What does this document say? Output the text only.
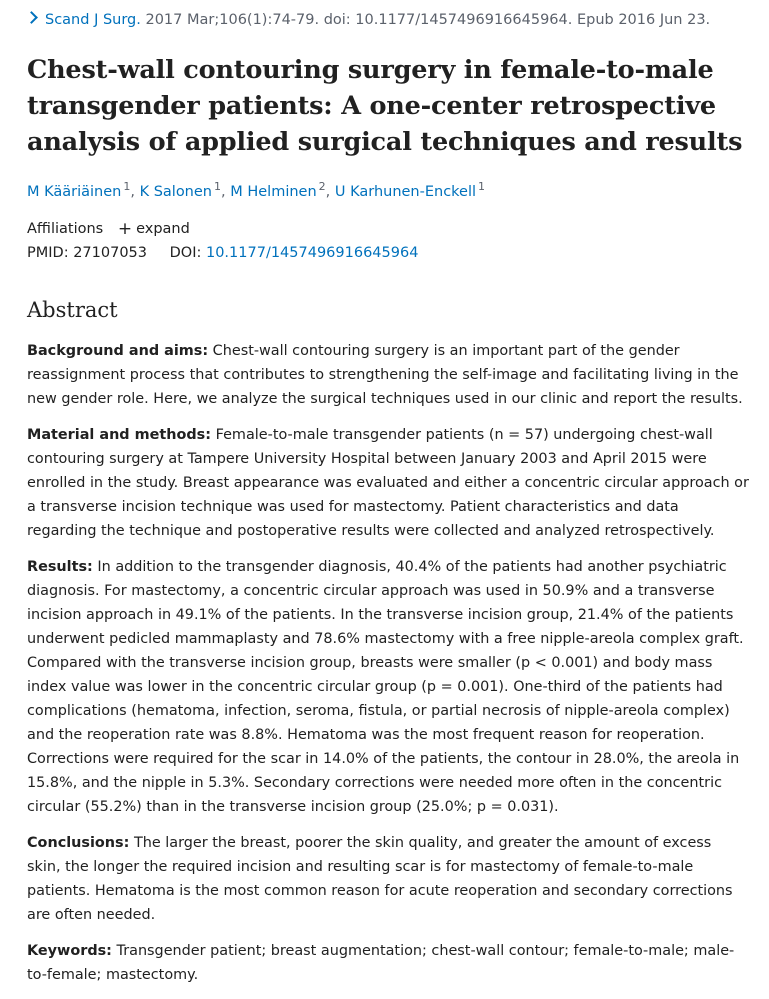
Scand J Surg. 2017 Mar;106(1):74-79. doi: 10.1177/1457496916645964. Epub 2016 Jun 23.
Chest-wall contouring surgery in female-to-male transgender patients: A one-center retrospective analysis of applied surgical techniques and results
M Kääriäinen $^1$, K Salonen $^1$, M Helminen $^2$, U Karhunen-Enckell $^1$
Affiliations + expand
PMID: 27107053 DOI: 10.1177/1457496916645964
Abstract

Background and aims: Chest-wall contouring surgery is an important part of the gender reassignment process that contributes to strengthening the self-image and facilitating living in the new gender role. Here, we analyze the surgical techniques used in our clinic and report the results.

Material and methods: Female-to-male transgender patients (n = 57) undergoing chest-wall contouring surgery at Tampere University Hospital between January 2003 and April 2015 were enrolled in the study. Breast appearance was evaluated and either a concentric circular approach or a transverse incision technique was used for mastectomy. Patient characteristics and data regarding the technique and postoperative results were collected and analyzed retrospectively.

Results: In addition to the transgender diagnosis, 40.4% of the patients had another psychiatric diagnosis. For mastectomy, a concentric circular approach was used in 50.9% and a transverse incision approach in 49.1% of the patients. In the transverse incision group, 21.4% of the patients underwent pedicled mammaplasty and 78.6% mastectomy with a free nipple-areola complex graft. Compared with the transverse incision group, breasts were smaller (p < 0.001) and body mass index value was lower in the concentric circular group (p = 0.001). One-third of the patients had complications (hematoma, infection, seroma, fistula, or partial necrosis of nipple-areola complex) and the reoperation rate was 8.8%. Hematoma was the most frequent reason for reoperation. Corrections were required for the scar in 14.0% of the patients, the contour in 28.0%, the areola in 15.8%, and the nipple in 5.3%. Secondary corrections were needed more often in the concentric circular (55.2%) than in the transverse incision group (25.0%; p = 0.031).

Conclusions: The larger the breast, poorer the skin quality, and greater the amount of excess skin, the longer the required incision and resulting scar is for mastectomy of female-to-male patients. Hematoma is the most common reason for acute reoperation and secondary corrections are often needed.

Keywords: Transgender patient; breast augmentation; chest-wall contour; female-to-male; male-to-female; mastectomy.
